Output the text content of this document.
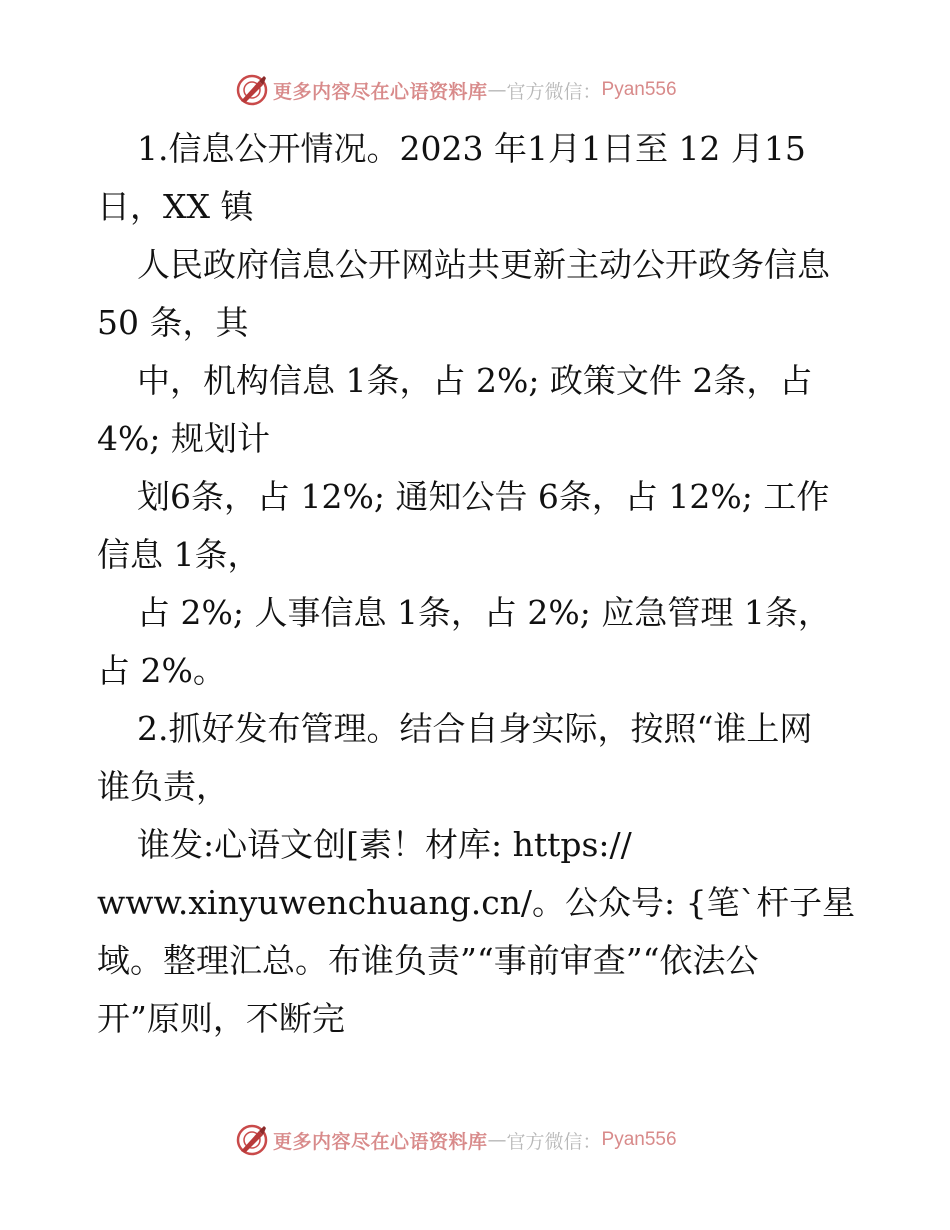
更多内容尽在心语资料库 — 官方微信： Pyan556
1.信息公开情况。2023 年1月1日至 12 月15
日，XX 镇
人民政府信息公开网站共更新主动公开政务信息
50 条，其
中，机构信息 1条，占 2%; 政策文件 2条，占
4%; 规划计
划6条，占 12%; 通知公告 6条，占 12%; 工作
信息 1条，
占 2%; 人事信息 1条，占 2%; 应急管理 1条，
占 2%。
2.抓好发布管理。结合自身实际，按照“谁上网
谁负责，
谁发:心语文创[素！材库: https://
www.xinyuwenchuang.cn/。公众号: {笔`杆子星
域。整理汇总。布谁负责”“事前审查”“依法公
开”原则，不断完
更多内容尽在心语资料库 — 官方微信： Pyan556
